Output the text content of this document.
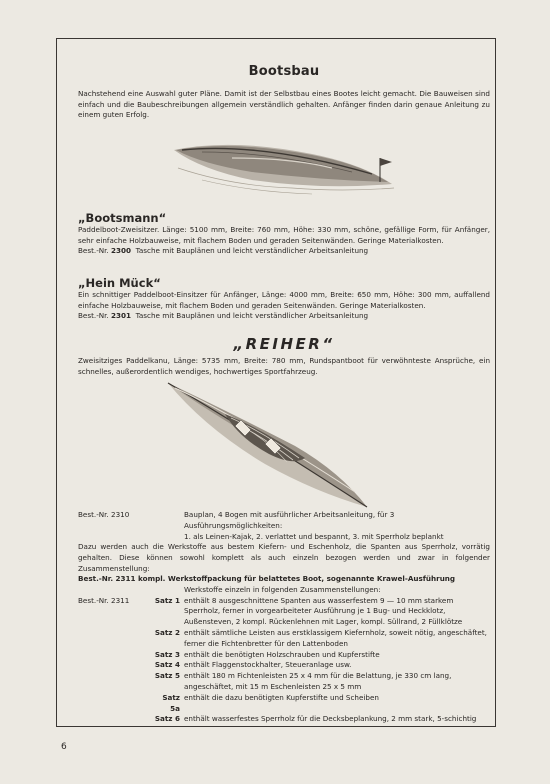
Bootsbau
Nachstehend eine Auswahl guter Pläne. Damit ist der Selbstbau eines Bootes leicht gemacht. Die Bauweisen sind einfach und die Baubeschreibungen allgemein verständlich gehalten. Anfänger finden darin genaue Anleitung zu einem guten Erfolg.
„Bootsmann“
Paddelboot-Zweisitzer. Länge: 5100 mm, Breite: 760 mm, Höhe: 330 mm, schöne, gefällige Form, für Anfänger, sehr einfache Holzbauweise, mit flachem Boden und geraden Seitenwänden. Geringe Materialkosten.
Best.-Nr. 2300 Tasche mit Bauplänen und leicht verständlicher Arbeitsanleitung
„Hein Mück“
Ein schnittiger Paddelboot-Einsitzer für Anfänger, Länge: 4000 mm, Breite: 650 mm, Höhe: 300 mm, auffallend einfache Holzbauweise, mit flachem Boden und geraden Seitenwänden. Geringe Materialkosten.
Best.-Nr. 2301 Tasche mit Bauplänen und leicht verständlicher Arbeitsanleitung
„REIHER“
Zweisitziges Paddelkanu, Länge: 5735 mm, Breite: 780 mm, Rundspantboot für verwöhnteste Ansprüche, ein schnelles, außerordentlich wendiges, hochwertiges Sportfahrzeug.
Best.-Nr. 2310	Bauplan, 4 Bogen mit ausführlicher Arbeitsanleitung, für 3 Ausführungsmöglichkeiten:
1. als Leinen-Kajak, 2. verlattet und bespannt, 3. mit Sperrholz beplankt
Dazu werden auch die Werkstoffe aus bestem Kiefern- und Eschenholz, die Spanten aus Sperrholz, vorrätig gehalten. Diese können sowohl komplett als auch einzeln bezogen werden und zwar in folgender Zusammenstellung:
Best.-Nr. 2311 kompl. Werkstoffpackung für belattetes Boot, sogenannte Krawel-Ausführung
Werkstoffe einzeln in folgenden Zusammenstellungen:
Best.-Nr. 2311	Satz 1 enthält 8 ausgeschnittene Spanten aus wasserfestem 9 — 10 mm starkem Sperrholz, ferner in vorgearbeiteter Ausführung je 1 Bug- und Heckklotz, Außensteven, 2 kompl. Rückenlehnen mit Lager, kompl. Süllrand, 2 Füllklötze
Satz 2 enthält sämtliche Leisten aus erstklassigem Kiefernholz, soweit nötig, angeschäftet, ferner die Fichtenbretter für den Lattenboden
Satz 3 enthält die benötigten Holzschrauben und Kupferstifte
Satz 4 enthält Flaggenstockhalter, Steueranlage usw.
Satz 5 enthält 180 m Fichtenleisten 25 x 4 mm für die Belattung, je 330 cm lang, angeschäftet, mit 15 m Eschenleisten 25 x 5 mm
Satz 5a
enthält die dazu benötigten Kupferstifte und Scheiben
Satz 6 enthält wasserfestes Sperrholz für die Decksbeplankung, 2 mm stark, 5-schichtig
6
